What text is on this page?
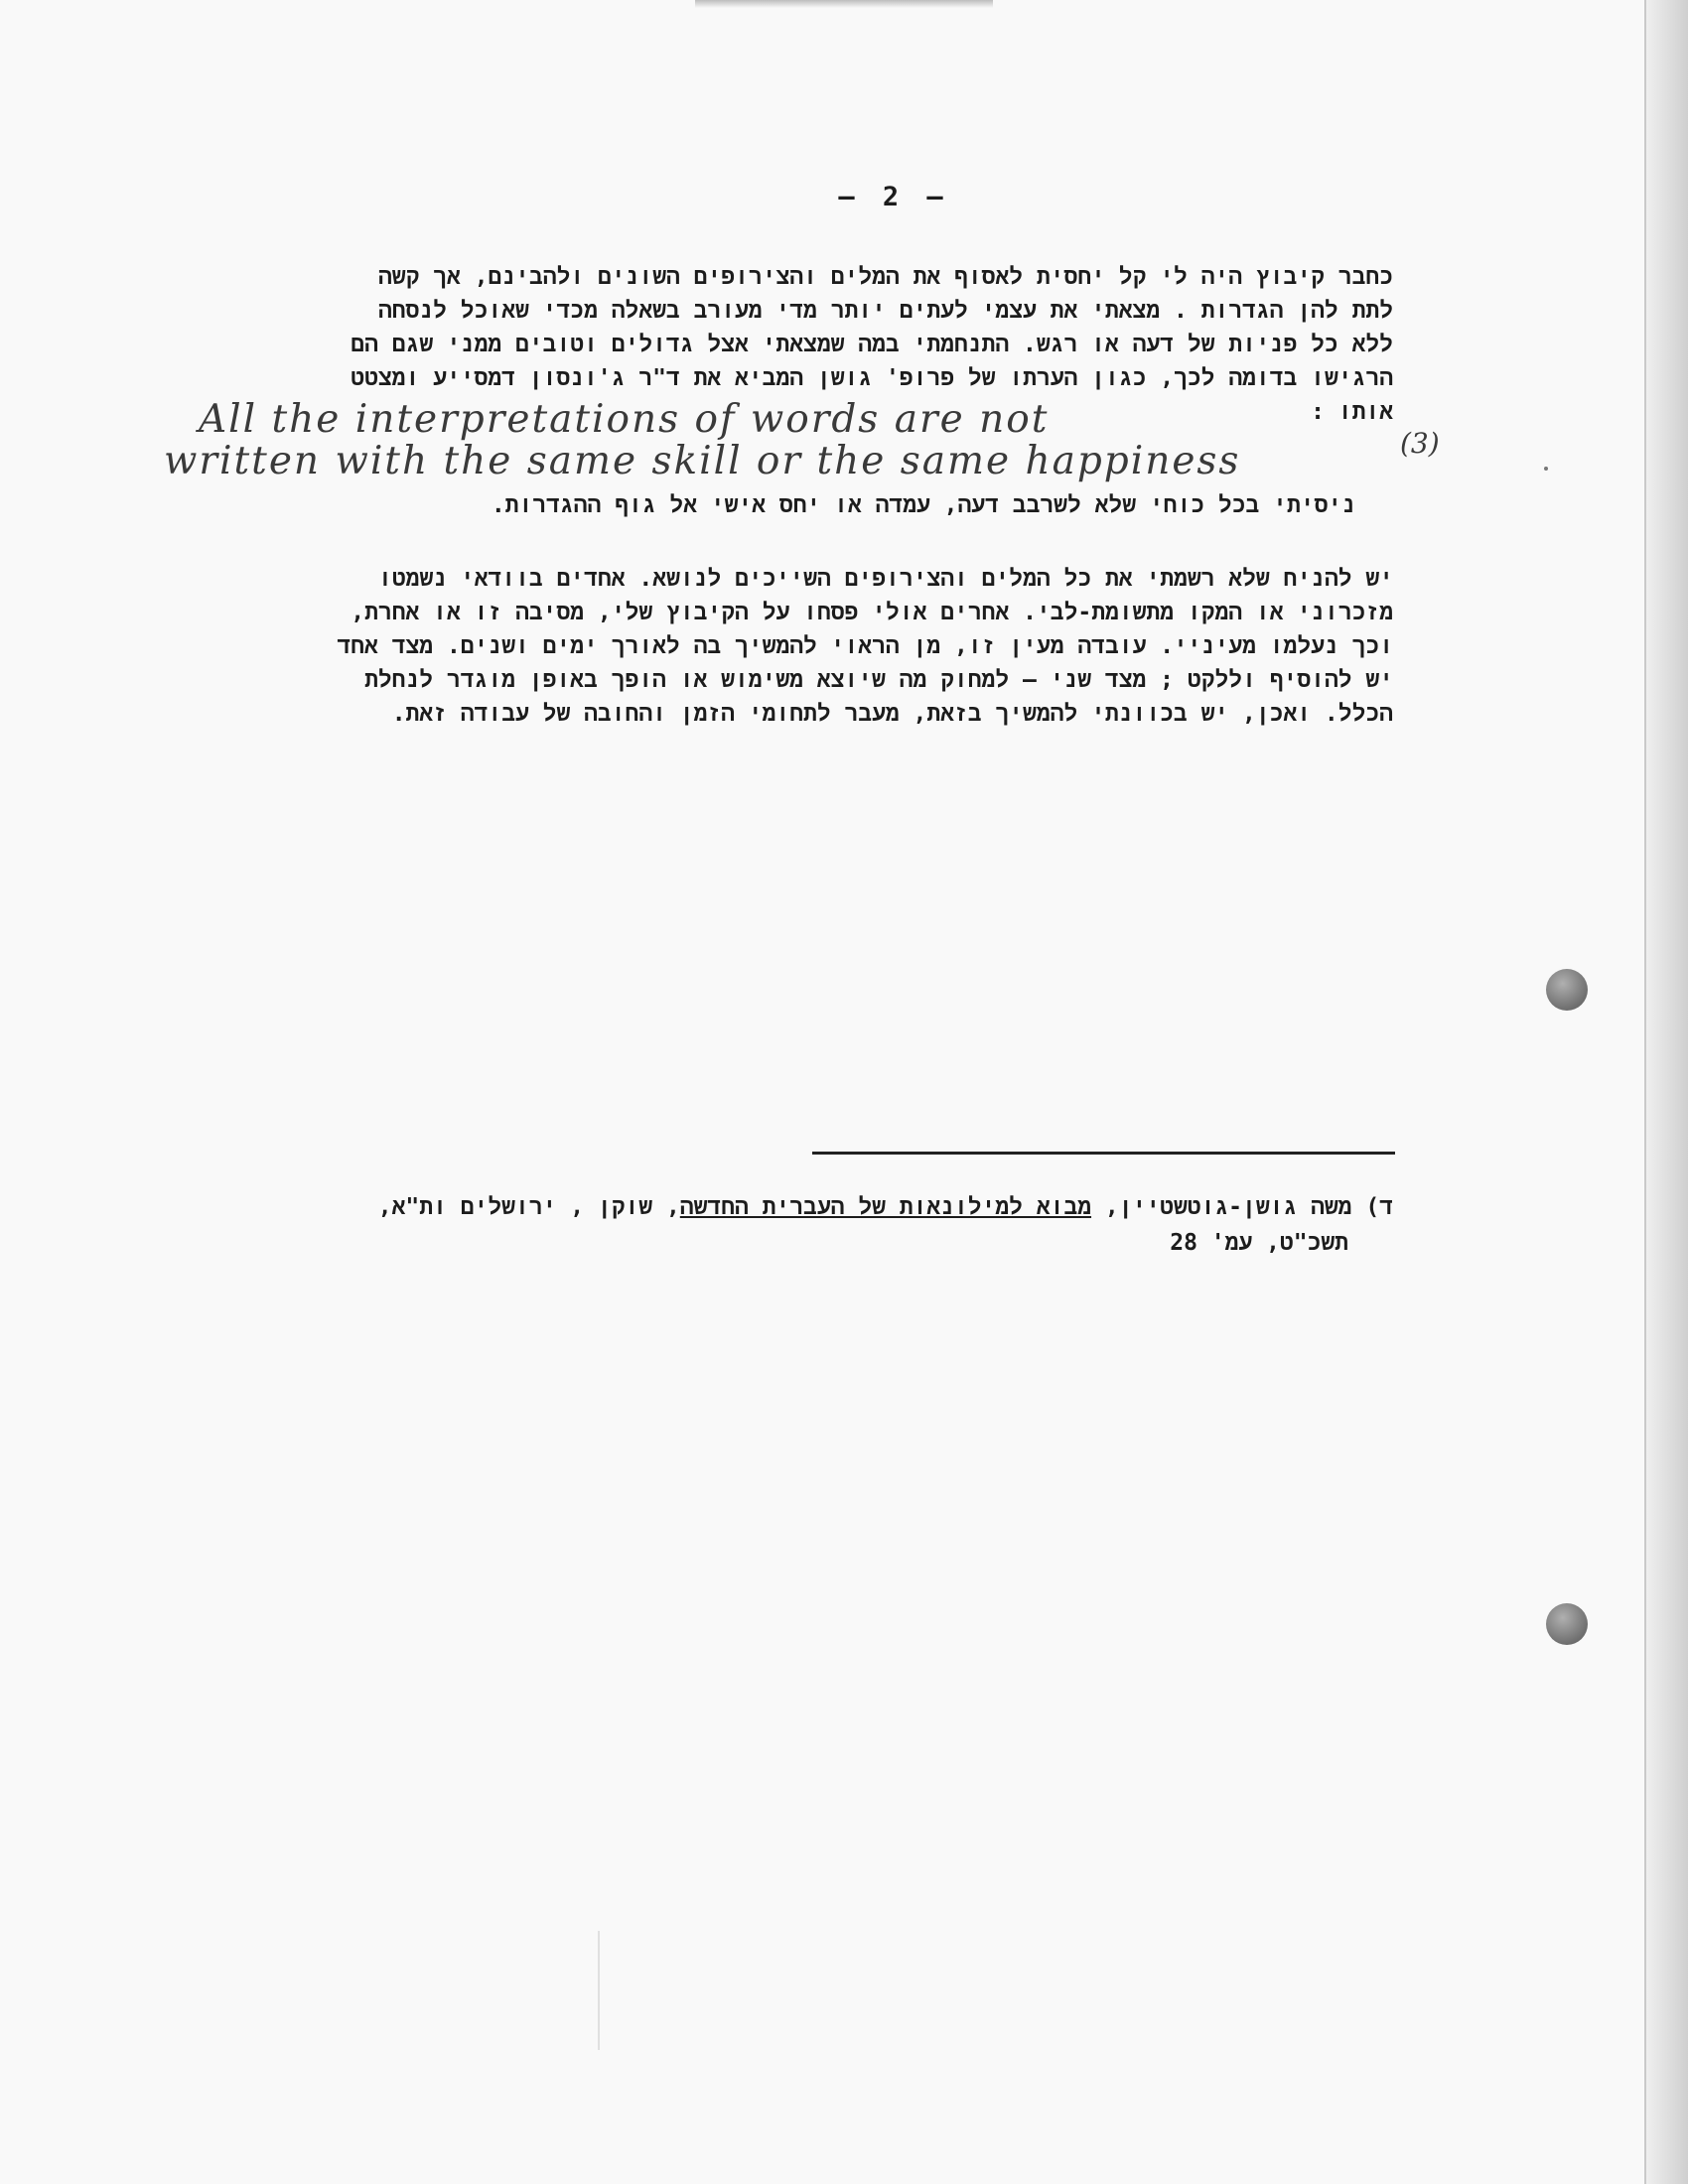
– 2 –
כחבר קיבוץ היה לי קל יחסית לאסוף את המלים והצירופים השונים ולהבינם, אך קשה
לתת להן הגדרות . מצאתי את עצמי לעתים יותר מדי מעורב בשאלה מכדי שאוכל לנסחה
ללא כל פניות של דעה או רגש. התנחמתי במה שמצאתי אצל גדולים וטובים ממני שגם הם
הרגישו בדומה לכך, כגון הערתו של פרופ' גושן המביא את ד"ר ג'ונסון דמסייע ומצטט
אותו :
All the interpretations of words are not
written with the same skill or the same happiness	(3)
ניסיתי בכל כוחי שלא לשרבב דעה, עמדה או יחס אישי אל גוף ההגדרות.
יש להניח שלא רשמתי את כל המלים והצירופים השייכים לנושא. אחדים בוודאי נשמטו
מזכרוני או המקו מתשומת-לבי. אחרים אולי פסחו על הקיבוץ שלי, מסיבה זו או אחרת,
וכך נעלמו מעיניי. עובדה מעין זו, מן הראוי להמשיך בה לאורך ימים ושנים. מצד אחד
יש להוסיף וללקט ; מצד שני – למחוק מה שיוצא משימוש או הופך באופן מוגדר לנחלת
הכלל. ואכן, יש בכוונתי להמשיך בזאת, מעבר לתחומי הזמן והחובה של עבודה זאת.
ד) משה גושן-גוטשטיין, מבוא למילונאות של העברית החדשה, שוקן , ירושלים ות"א,
תשכ"ט, עמ' 28
